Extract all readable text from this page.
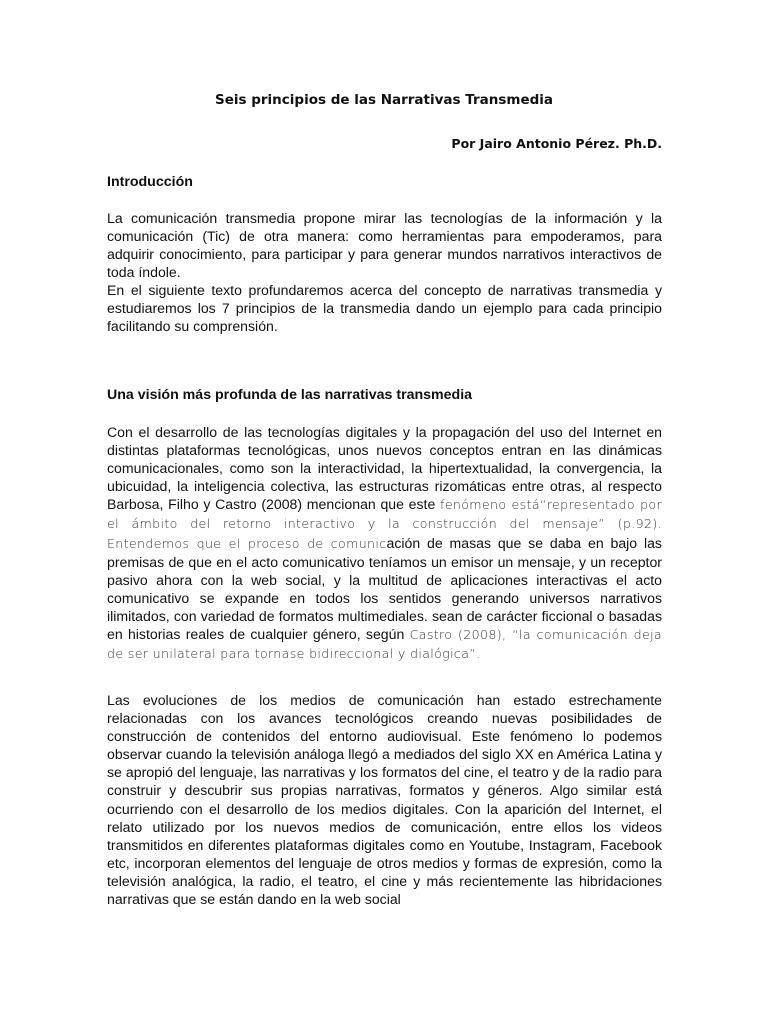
Seis principios de las Narrativas Transmedia

Por Jairo Antonio Pérez. Ph.D.

Introducción

La comunicación transmedia propone mirar las tecnologías de la información y la comunicación (Tic) de otra manera: como herramientas para empoderamos, para adquirir conocimiento, para participar y para generar mundos narrativos interactivos de toda índole.

En el siguiente texto profundaremos acerca del concepto de narrativas transmedia y estudiaremos los 7 principios de la transmedia dando un ejemplo para cada principio facilitando su comprensión.

Una visión más profunda de las narrativas transmedia

Con el desarrollo de las tecnologías digitales y la propagación del uso del Internet en distintas plataformas tecnológicas, unos nuevos conceptos entran en las dinámicas comunicacionales, como son la interactividad, la hipertextualidad, la convergencia, la ubicuidad, la inteligencia colectiva, las estructuras rizomáticas entre otras, al respecto Barbosa, Filho y Castro (2008) mencionan que este fenómeno está“representado por el ámbito del retorno interactivo y la construcción del mensaje” (p.92). Entendemos que el proceso de comunicación de masas que se daba en bajo las premisas de que en el acto comunicativo teníamos un emisor un mensaje, y un receptor pasivo ahora con la web social, y la multitud de aplicaciones interactivas el acto comunicativo se expande en todos los sentidos generando universos narrativos ilimitados, con variedad de formatos multimediales. sean de carácter ficcional o basadas en historias reales de cualquier género, según Castro (2008), “la comunicación deja de ser unilateral para tornase bidireccional y dialógica”.

Las evoluciones de los medios de comunicación han estado estrechamente relacionadas con los avances tecnológicos creando nuevas posibilidades de construcción de contenidos del entorno audiovisual. Este fenómeno lo podemos observar cuando la televisión análoga llegó a mediados del siglo XX en América Latina y se apropió del lenguaje, las narrativas y los formatos del cine, el teatro y de la radio para construir y descubrir sus propias narrativas, formatos y géneros. Algo similar está ocurriendo con el desarrollo de los medios digitales. Con la aparición del Internet, el relato utilizado por los nuevos medios de comunicación, entre ellos los videos transmitidos en diferentes plataformas digitales como en Youtube, Instagram, Facebook etc, incorporan elementos del lenguaje de otros medios y formas de expresión, como la televisión analógica, la radio, el teatro, el cine y más recientemente las hibridaciones narrativas que se están dando en la web social
